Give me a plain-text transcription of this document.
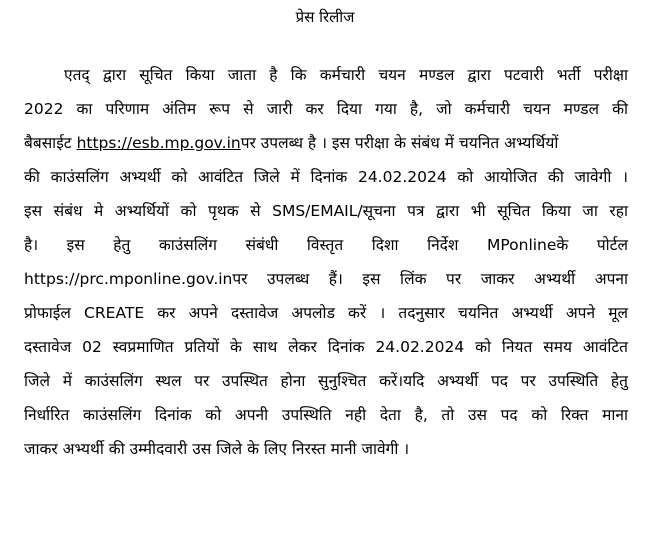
प्रेस रिलीज
एतद् द्वारा सूचित किया जाता है कि कर्मचारी चयन मण्डल द्वारा पटवारी भर्ती परीक्षा
2022 का परिणाम अंतिम रूप से जारी कर दिया गया है, जो कर्मचारी चयन मण्डल की
बैबसाईट https://esb.mp.gov.inपर उपलब्ध है । इस परीक्षा के संबंध में चयनित अभ्यर्थियों
की काउंसलिंग अभ्यर्थी को आवंटित जिले में दिनांक 24.02.2024 को आयोजित की जावेगी ।
इस संबंध मे अभ्यर्थियों को पृथक से SMS/EMAIL/सूचना पत्र द्वारा भी सूचित किया जा रहा
है। इस हेतु काउंसलिंग संबंधी विस्तृत दिशा निर्देश MPonlineके पोर्टल
https://prc.mponline.gov.inपर उपलब्ध हैं। इस लिंक पर जाकर अभ्यर्थी अपना
प्रोफाईल CREATE कर अपने दस्तावेज अपलोड करें । तदनुसार चयनित अभ्यर्थी अपने मूल
दस्तावेज 02 स्वप्रमाणित प्रतियों के साथ लेकर दिनांक 24.02.2024 को नियत समय आवंटित
जिले में काउंसलिंग स्थल पर उपस्थित होना सुनुश्चित करें।यदि अभ्यर्थी पद पर उपस्थिति हेतु
निर्धारित काउंसलिंग दिनांक को अपनी उपस्थिति नही देता है, तो उस पद को रिक्त माना
जाकर अभ्यर्थी की उम्मीदवारी उस जिले के लिए निरस्त मानी जावेगी ।
